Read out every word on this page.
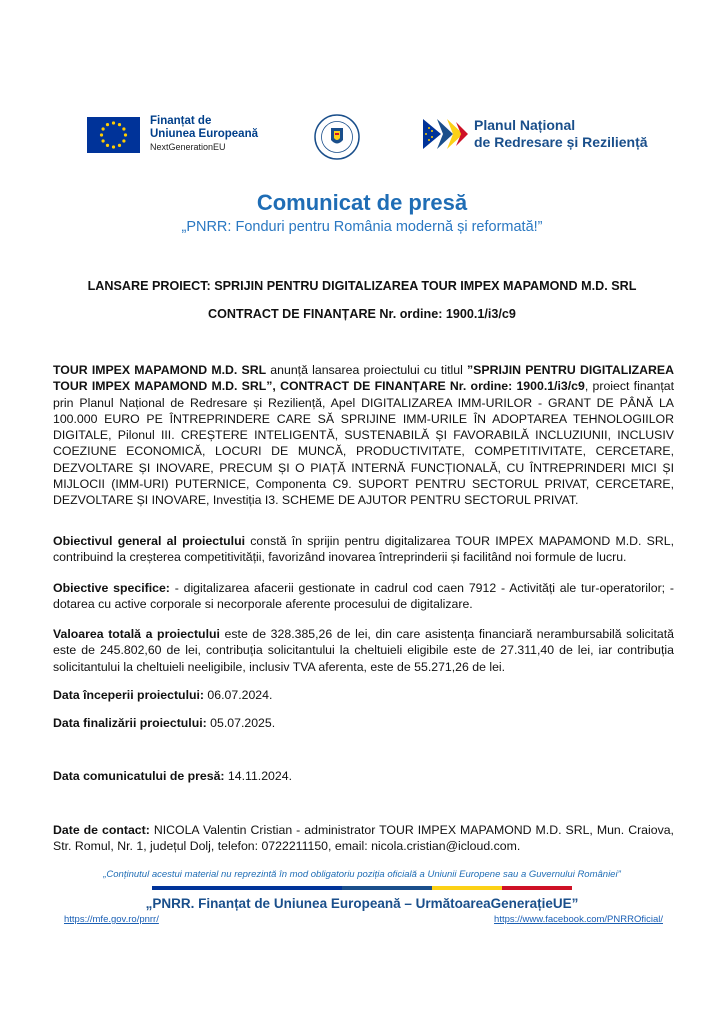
Finanțat de
Uniunea Europeană
NextGenerationEU
Planul Național
de Redresare și Reziliență
Comunicat de presă
„PNRR: Fonduri pentru România modernă și reformată!”
LANSARE PROIECT: SPRIJIN PENTRU DIGITALIZAREA TOUR IMPEX MAPAMOND M.D. SRL
CONTRACT DE FINANȚARE Nr. ordine: 1900.1/i3/c9
TOUR IMPEX MAPAMOND M.D. SRL anunță lansarea proiectului cu titlul ”SPRIJIN PENTRU DIGITALIZAREA TOUR IMPEX MAPAMOND M.D. SRL”, CONTRACT DE FINANȚARE Nr. ordine: 1900.1/i3/c9, proiect finanțat prin Planul Național de Redresare și Reziliență, Apel DIGITALIZAREA IMM-URILOR - GRANT DE PÂNĂ LA 100.000 EURO PE ÎNTREPRINDERE CARE SĂ SPRIJINE IMM-URILE ÎN ADOPTAREA TEHNOLOGIILOR DIGITALE, Pilonul III. CREȘTERE INTELIGENTĂ, SUSTENABILĂ ȘI FAVORABILĂ INCLUZIUNII, INCLUSIV COEZIUNE ECONOMICĂ, LOCURI DE MUNCĂ, PRODUCTIVITATE, COMPETITIVITATE, CERCETARE, DEZVOLTARE ȘI INOVARE, PRECUM ȘI O PIAȚĂ INTERNĂ FUNCȚIONALĂ, CU ÎNTREPRINDERI MICI ȘI MIJLOCII (IMM-URI) PUTERNICE, Componenta C9. SUPORT PENTRU SECTORUL PRIVAT, CERCETARE, DEZVOLTARE ȘI INOVARE, Investiția I3. SCHEME DE AJUTOR PENTRU SECTORUL PRIVAT.
Obiectivul general al proiectului constă în sprijin pentru digitalizarea TOUR IMPEX MAPAMOND M.D. SRL, contribuind la creșterea competitivității, favorizând inovarea întreprinderii și facilitând noi formule de lucru.
Obiective specifice: - digitalizarea afacerii gestionate in cadrul cod caen 7912 - Activități ale tur-operatorilor; - dotarea cu active corporale si necorporale aferente procesului de digitalizare.
Valoarea totală a proiectului este de 328.385,26 de lei, din care asistența financiară nerambursabilă solicitată este de 245.802,60 de lei, contribuția solicitantului la cheltuieli eligibile este de 27.311,40 de lei, iar contribuția solicitantului la cheltuieli neeligibile, inclusiv TVA aferenta, este de 55.271,26 de lei.
Data începerii proiectului: 06.07.2024.
Data finalizării proiectului: 05.07.2025.
Data comunicatului de presă: 14.11.2024.
Date de contact: NICOLA Valentin Cristian - administrator TOUR IMPEX MAPAMOND M.D. SRL, Mun. Craiova, Str. Romul, Nr. 1, județul Dolj, telefon: 0722211150, email: nicola.cristian@icloud.com.
„Conținutul acestui material nu reprezintă în mod obligatoriu poziția oficială a Uniunii Europene sau a Guvernului României”
„PNRR. Finanțat de Uniunea Europeană – UrmătoareaGenerațieUE”
https://mfe.gov.ro/pnrr/	https://www.facebook.com/PNRROficial/
